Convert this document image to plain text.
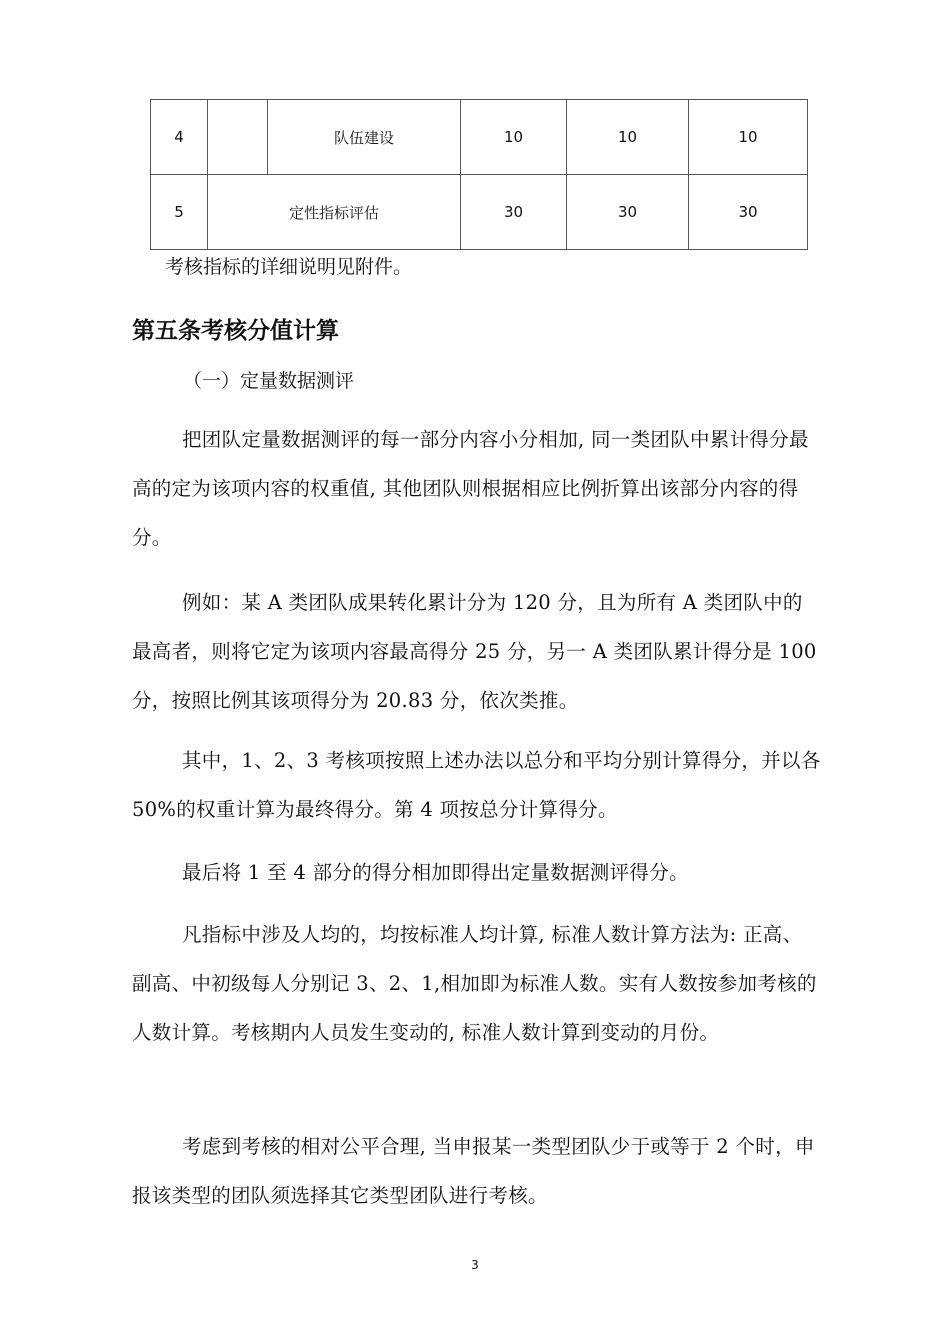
4		队伍建设	10	10	10
5	定性指标评估		30	30	30
考核指标的详细说明见附件。
第五条考核分值计算
（一）定量数据测评

把团队定量数据测评的每一部分内容小分相加, 同一类团队中累计得分最高的定为该项内容的权重值, 其他团队则根据相应比例折算出该部分内容的得分。

例如：某 A 类团队成果转化累计分为 120 分，且为所有 A 类团队中的最高者，则将它定为该项内容最高得分 25 分，另一 A 类团队累计得分是 100 分，按照比例其该项得分为 20.83 分，依次类推。

其中，1、2、3 考核项按照上述办法以总分和平均分别计算得分，并以各 50%的权重计算为最终得分。第 4 项按总分计算得分。

最后将 1 至 4 部分的得分相加即得出定量数据测评得分。

凡指标中涉及人均的，均按标准人均计算, 标准人数计算方法为: 正高、副高、中初级每人分别记 3、2、1,相加即为标准人数。实有人数按参加考核的人数计算。考核期内人员发生变动的, 标准人数计算到变动的月份。

考虑到考核的相对公平合理, 当申报某一类型团队少于或等于 2 个时，申报该类型的团队须选择其它类型团队进行考核。

3
